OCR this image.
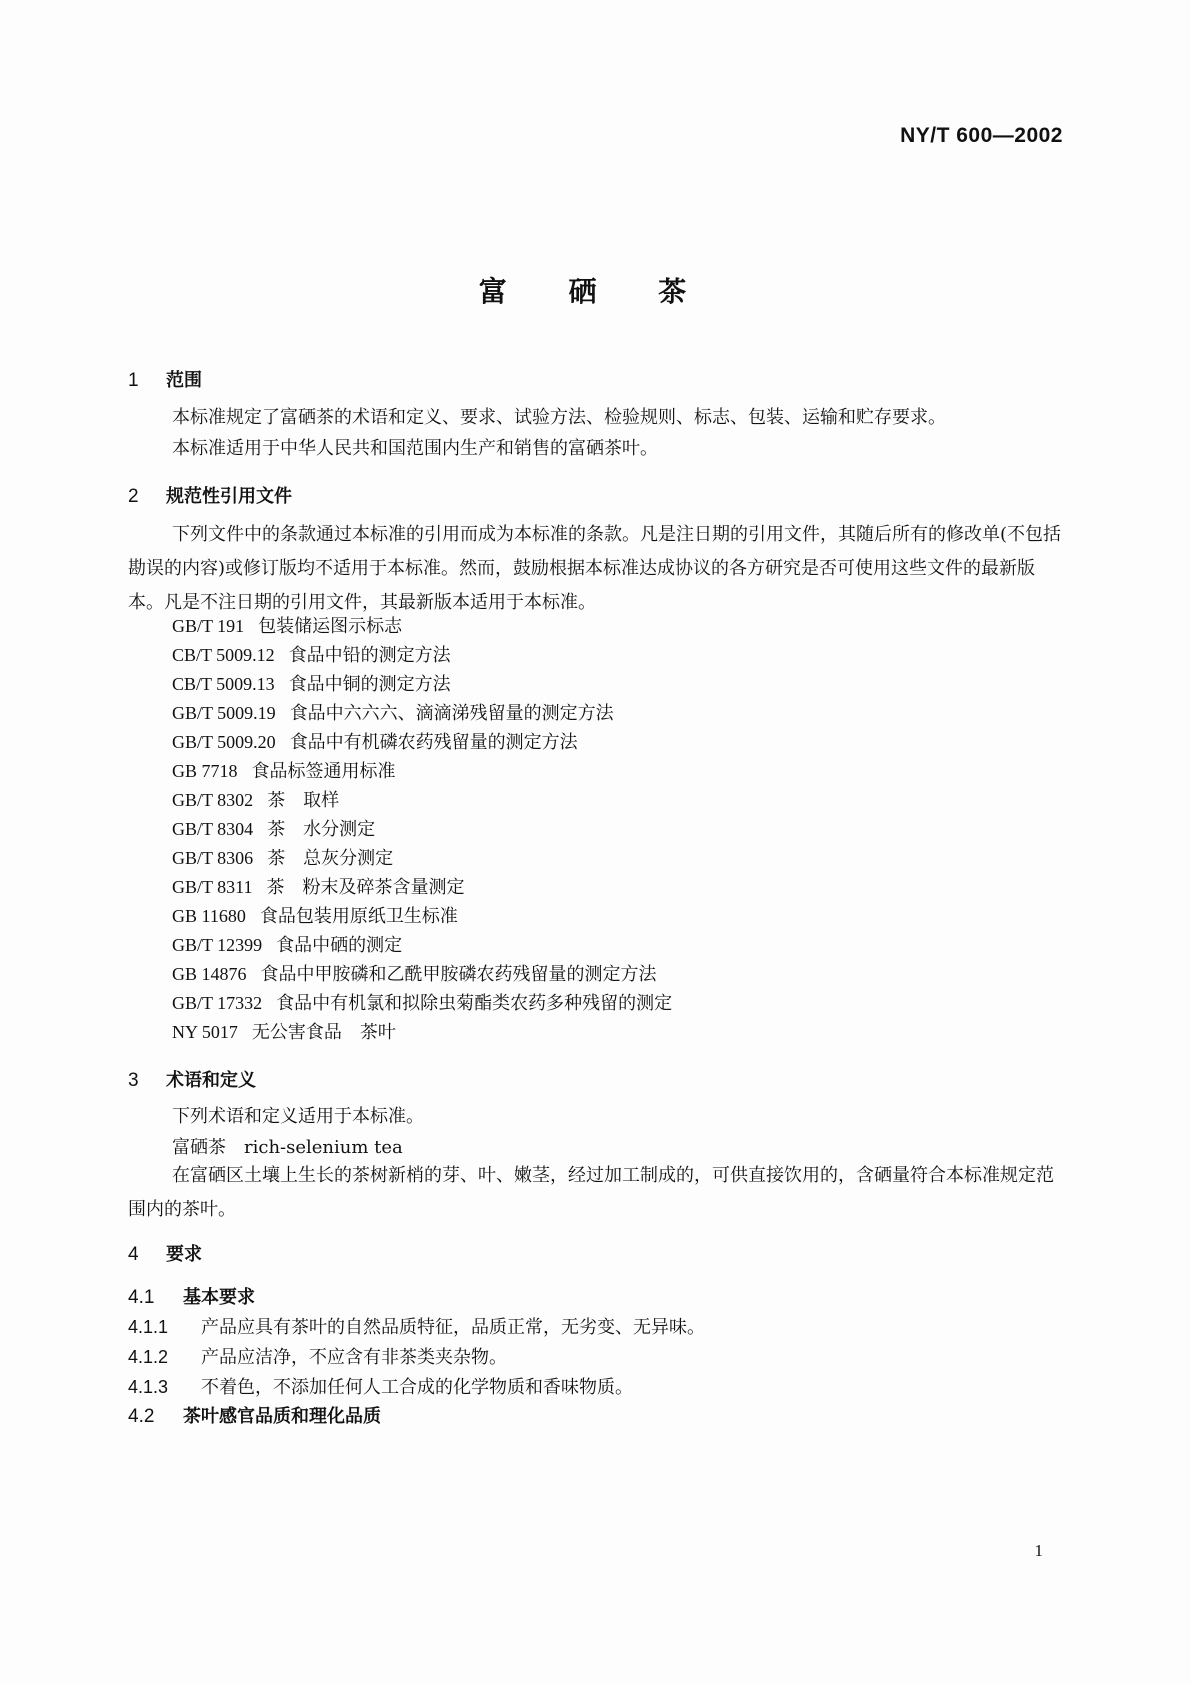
NY/T 600—2002
富 硒 茶
1 范围
本标准规定了富硒茶的术语和定义、要求、试验方法、检验规则、标志、包装、运输和贮存要求。
本标准适用于中华人民共和国范围内生产和销售的富硒茶叶。
2 规范性引用文件
下列文件中的条款通过本标准的引用而成为本标准的条款。凡是注日期的引用文件，其随后所有的修改单(不包括勘误的内容)或修订版均不适用于本标准。然而，鼓励根据本标准达成协议的各方研究是否可使用这些文件的最新版本。凡是不注日期的引用文件，其最新版本适用于本标准。
GB/T 191 包装储运图示标志
CB/T 5009.12 食品中铅的测定方法
CB/T 5009.13 食品中铜的测定方法
GB/T 5009.19 食品中六六六、滴滴涕残留量的测定方法
GB/T 5009.20 食品中有机磷农药残留量的测定方法
GB 7718 食品标签通用标准
GB/T 8302 茶　取样
GB/T 8304 茶　水分测定
GB/T 8306 茶　总灰分测定
GB/T 8311 茶　粉末及碎茶含量测定
GB 11680 食品包装用原纸卫生标准
GB/T 12399 食品中硒的测定
GB 14876 食品中甲胺磷和乙酰甲胺磷农药残留量的测定方法
GB/T 17332 食品中有机氯和拟除虫菊酯类农药多种残留的测定
NY 5017 无公害食品　茶叶
3 术语和定义
下列术语和定义适用于本标准。
富硒茶　rich-selenium tea
在富硒区土壤上生长的茶树新梢的芽、叶、嫩茎，经过加工制成的，可供直接饮用的，含硒量符合本标准规定范围内的茶叶。
4 要求
4.1 基本要求
4.1.1 产品应具有茶叶的自然品质特征，品质正常，无劣变、无异味。
4.1.2 产品应洁净，不应含有非茶类夹杂物。
4.1.3 不着色，不添加任何人工合成的化学物质和香味物质。
4.2 茶叶感官品质和理化品质
1
